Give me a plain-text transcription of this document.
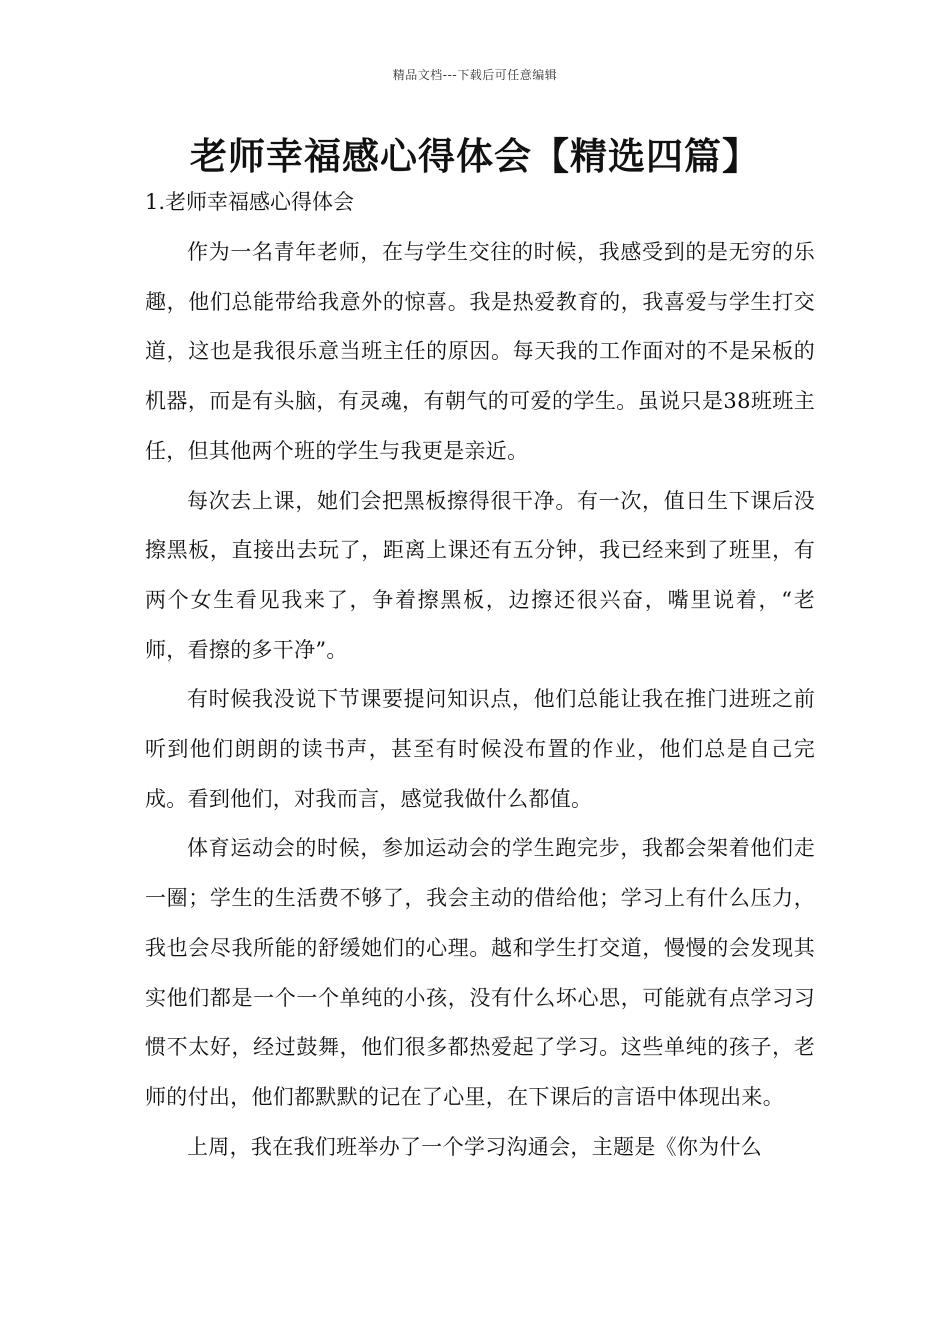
精品文档---下载后可任意编辑
老师幸福感心得体会【精选四篇】
1.老师幸福感心得体会

作为一名青年老师，在与学生交往的时候，我感受到的是无穷的乐趣，他们总能带给我意外的惊喜。我是热爱教育的，我喜爱与学生打交道，这也是我很乐意当班主任的原因。每天我的工作面对的不是呆板的机器，而是有头脑，有灵魂，有朝气的可爱的学生。虽说只是38班班主任，但其他两个班的学生与我更是亲近。

每次去上课，她们会把黑板擦得很干净。有一次，值日生下课后没擦黑板，直接出去玩了，距离上课还有五分钟，我已经来到了班里，有两个女生看见我来了，争着擦黑板，边擦还很兴奋，嘴里说着，“老师，看擦的多干净”。

有时候我没说下节课要提问知识点，他们总能让我在推门进班之前听到他们朗朗的读书声，甚至有时候没布置的作业，他们总是自己完成。看到他们，对我而言，感觉我做什么都值。

体育运动会的时候，参加运动会的学生跑完步，我都会架着他们走一圈；学生的生活费不够了，我会主动的借给他；学习上有什么压力，我也会尽我所能的舒缓她们的心理。越和学生打交道，慢慢的会发现其实他们都是一个一个单纯的小孩，没有什么坏心思，可能就有点学习习惯不太好，经过鼓舞，他们很多都热爱起了学习。这些单纯的孩子，老师的付出，他们都默默的记在了心里，在下课后的言语中体现出来。

上周，我在我们班举办了一个学习沟通会，主题是《你为什么
